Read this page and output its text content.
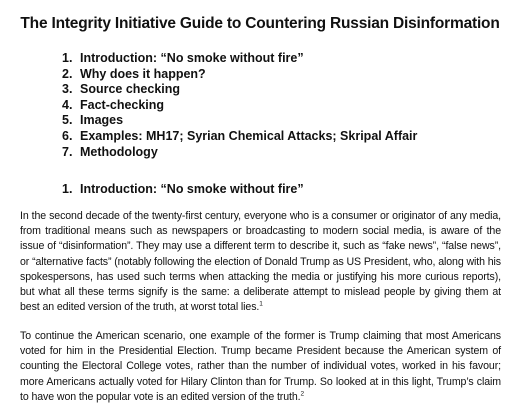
The Integrity Initiative Guide to Countering Russian Disinformation
1. Introduction: “No smoke without fire”
2. Why does it happen?
3. Source checking
4. Fact-checking
5. Images
6. Examples: MH17; Syrian Chemical Attacks; Skripal Affair
7. Methodology
1. Introduction: “No smoke without fire”

In the second decade of the twenty-first century, everyone who is a consumer or originator of any media, from traditional means such as newspapers or broadcasting to modern social media, is aware of the issue of “disinformation”. They may use a different term to describe it, such as “fake news”, “false news”, or “alternative facts” (notably following the election of Donald Trump as US President, who, along with his spokespersons, has used such terms when attacking the media or justifying his more curious reports), but what all these terms signify is the same: a deliberate attempt to mislead people by giving them at best an edited version of the truth, at worst total lies.$^1$

To continue the American scenario, one example of the former is Trump claiming that most Americans voted for him in the Presidential Election. Trump became President because the American system of counting the Electoral College votes, rather than the number of individual votes, worked in his favour; more Americans actually voted for Hilary Clinton than for Trump. So looked at in this light, Trump’s claim to have won the popular vote is an edited version of the truth.$^2$
